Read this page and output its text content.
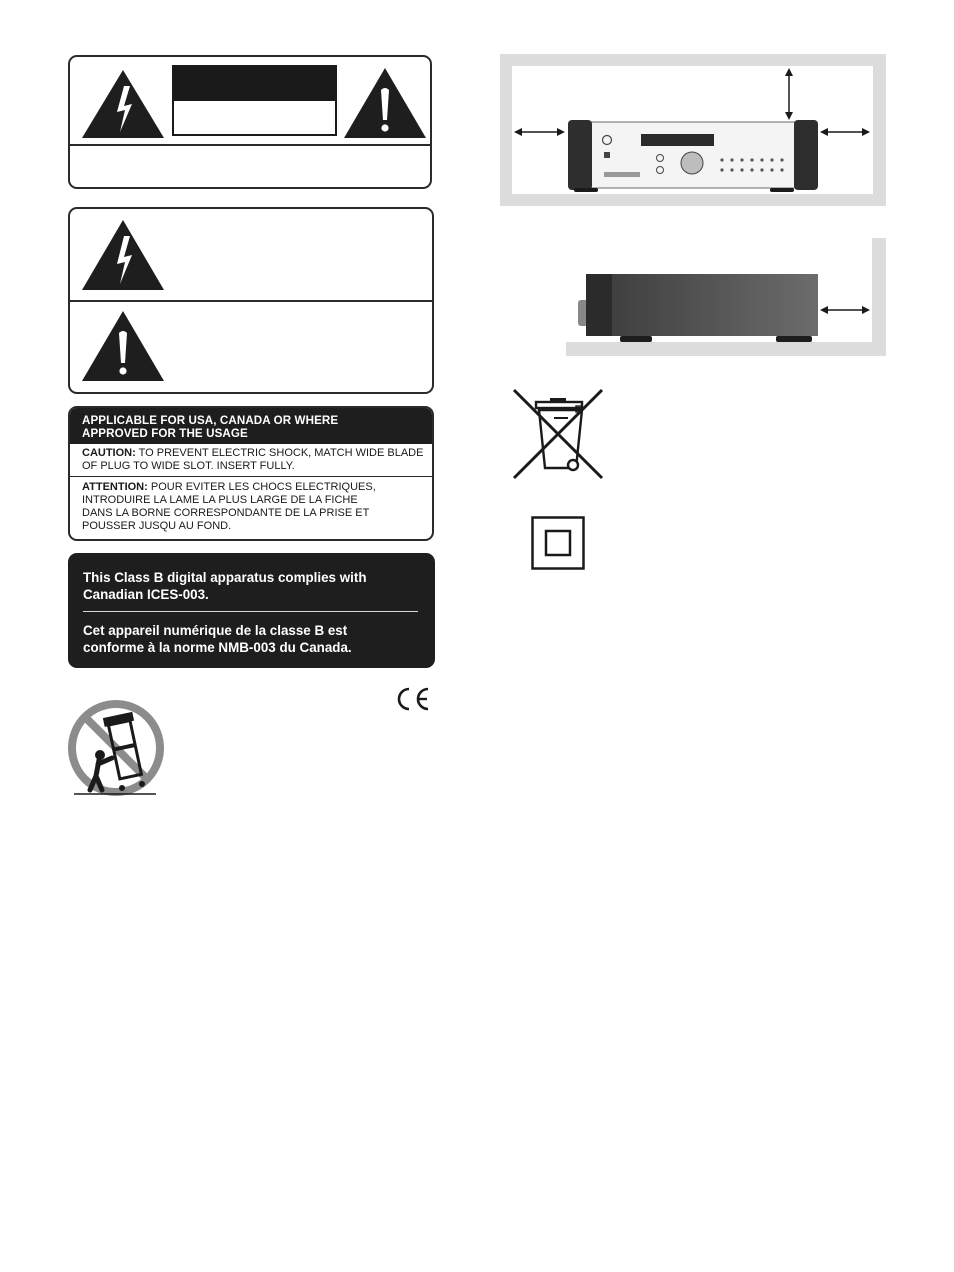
APPLICABLE FOR USA, CANADA OR WHERE
APPROVED FOR THE USAGE
CAUTION: TO PREVENT ELECTRIC SHOCK, MATCH WIDE BLADE
OF PLUG TO WIDE SLOT. INSERT FULLY.
ATTENTION: POUR EVITER LES CHOCS ELECTRIQUES,
INTRODUIRE LA LAME LA PLUS LARGE DE LA FICHE
DANS LA BORNE CORRESPONDANTE DE LA PRISE ET
POUSSER JUSQU AU FOND.
This Class B digital apparatus complies with
Canadian ICES-003.
Cet appareil numérique de la classe B est
conforme à la norme NMB-003 du Canada.
